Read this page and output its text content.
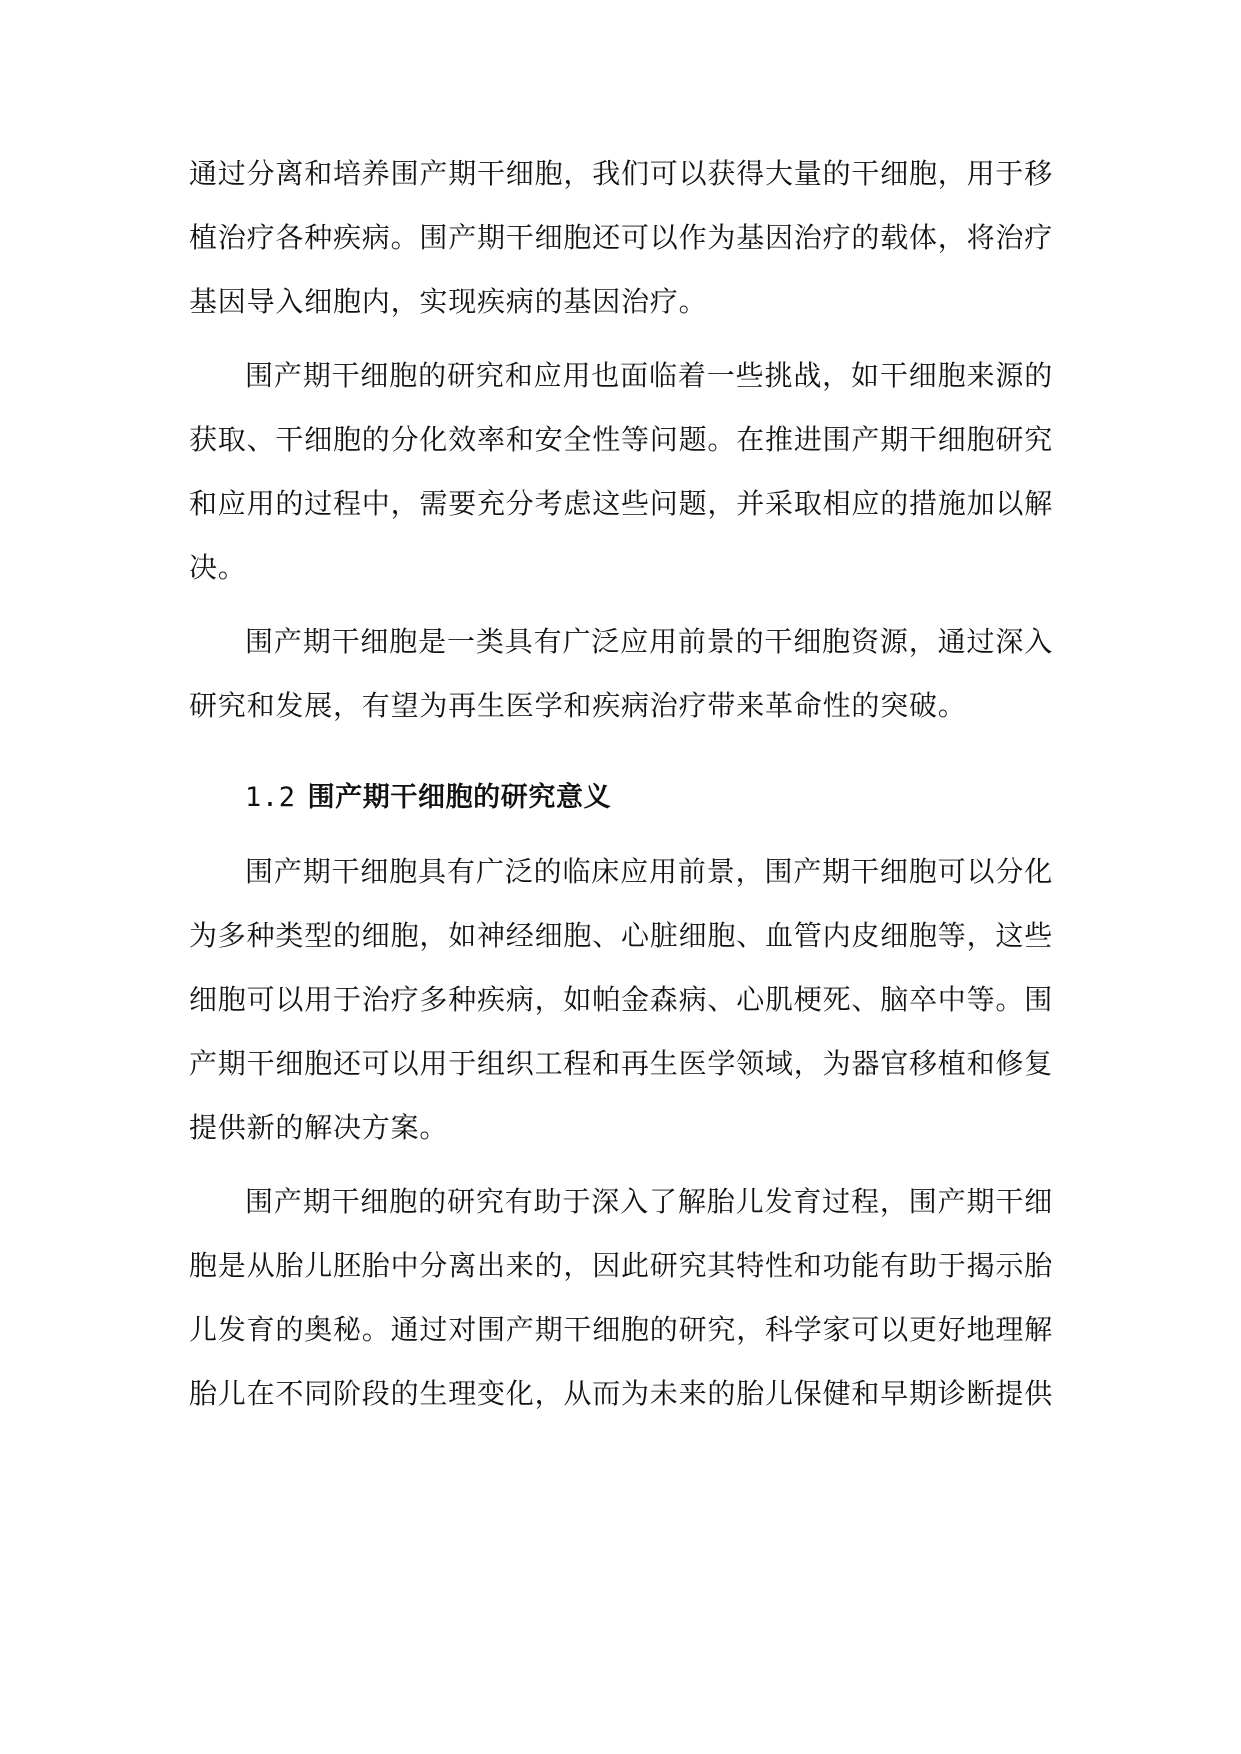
通过分离和培养围产期干细胞，我们可以获得大量的干细胞，用于移植治疗各种疾病。围产期干细胞还可以作为基因治疗的载体，将治疗基因导入细胞内，实现疾病的基因治疗。

围产期干细胞的研究和应用也面临着一些挑战，如干细胞来源的获取、干细胞的分化效率和安全性等问题。在推进围产期干细胞研究和应用的过程中，需要充分考虑这些问题，并采取相应的措施加以解决。

围产期干细胞是一类具有广泛应用前景的干细胞资源，通过深入研究和发展，有望为再生医学和疾病治疗带来革命性的突破。

1.2 围产期干细胞的研究意义

围产期干细胞具有广泛的临床应用前景，围产期干细胞可以分化为多种类型的细胞，如神经细胞、心脏细胞、血管内皮细胞等，这些细胞可以用于治疗多种疾病，如帕金森病、心肌梗死、脑卒中等。围产期干细胞还可以用于组织工程和再生医学领域，为器官移植和修复提供新的解决方案。

围产期干细胞的研究有助于深入了解胎儿发育过程，围产期干细胞是从胎儿胚胎中分离出来的，因此研究其特性和功能有助于揭示胎儿发育的奥秘。通过对围产期干细胞的研究，科学家可以更好地理解胎儿在不同阶段的生理变化，从而为未来的胎儿保健和早期诊断提供
